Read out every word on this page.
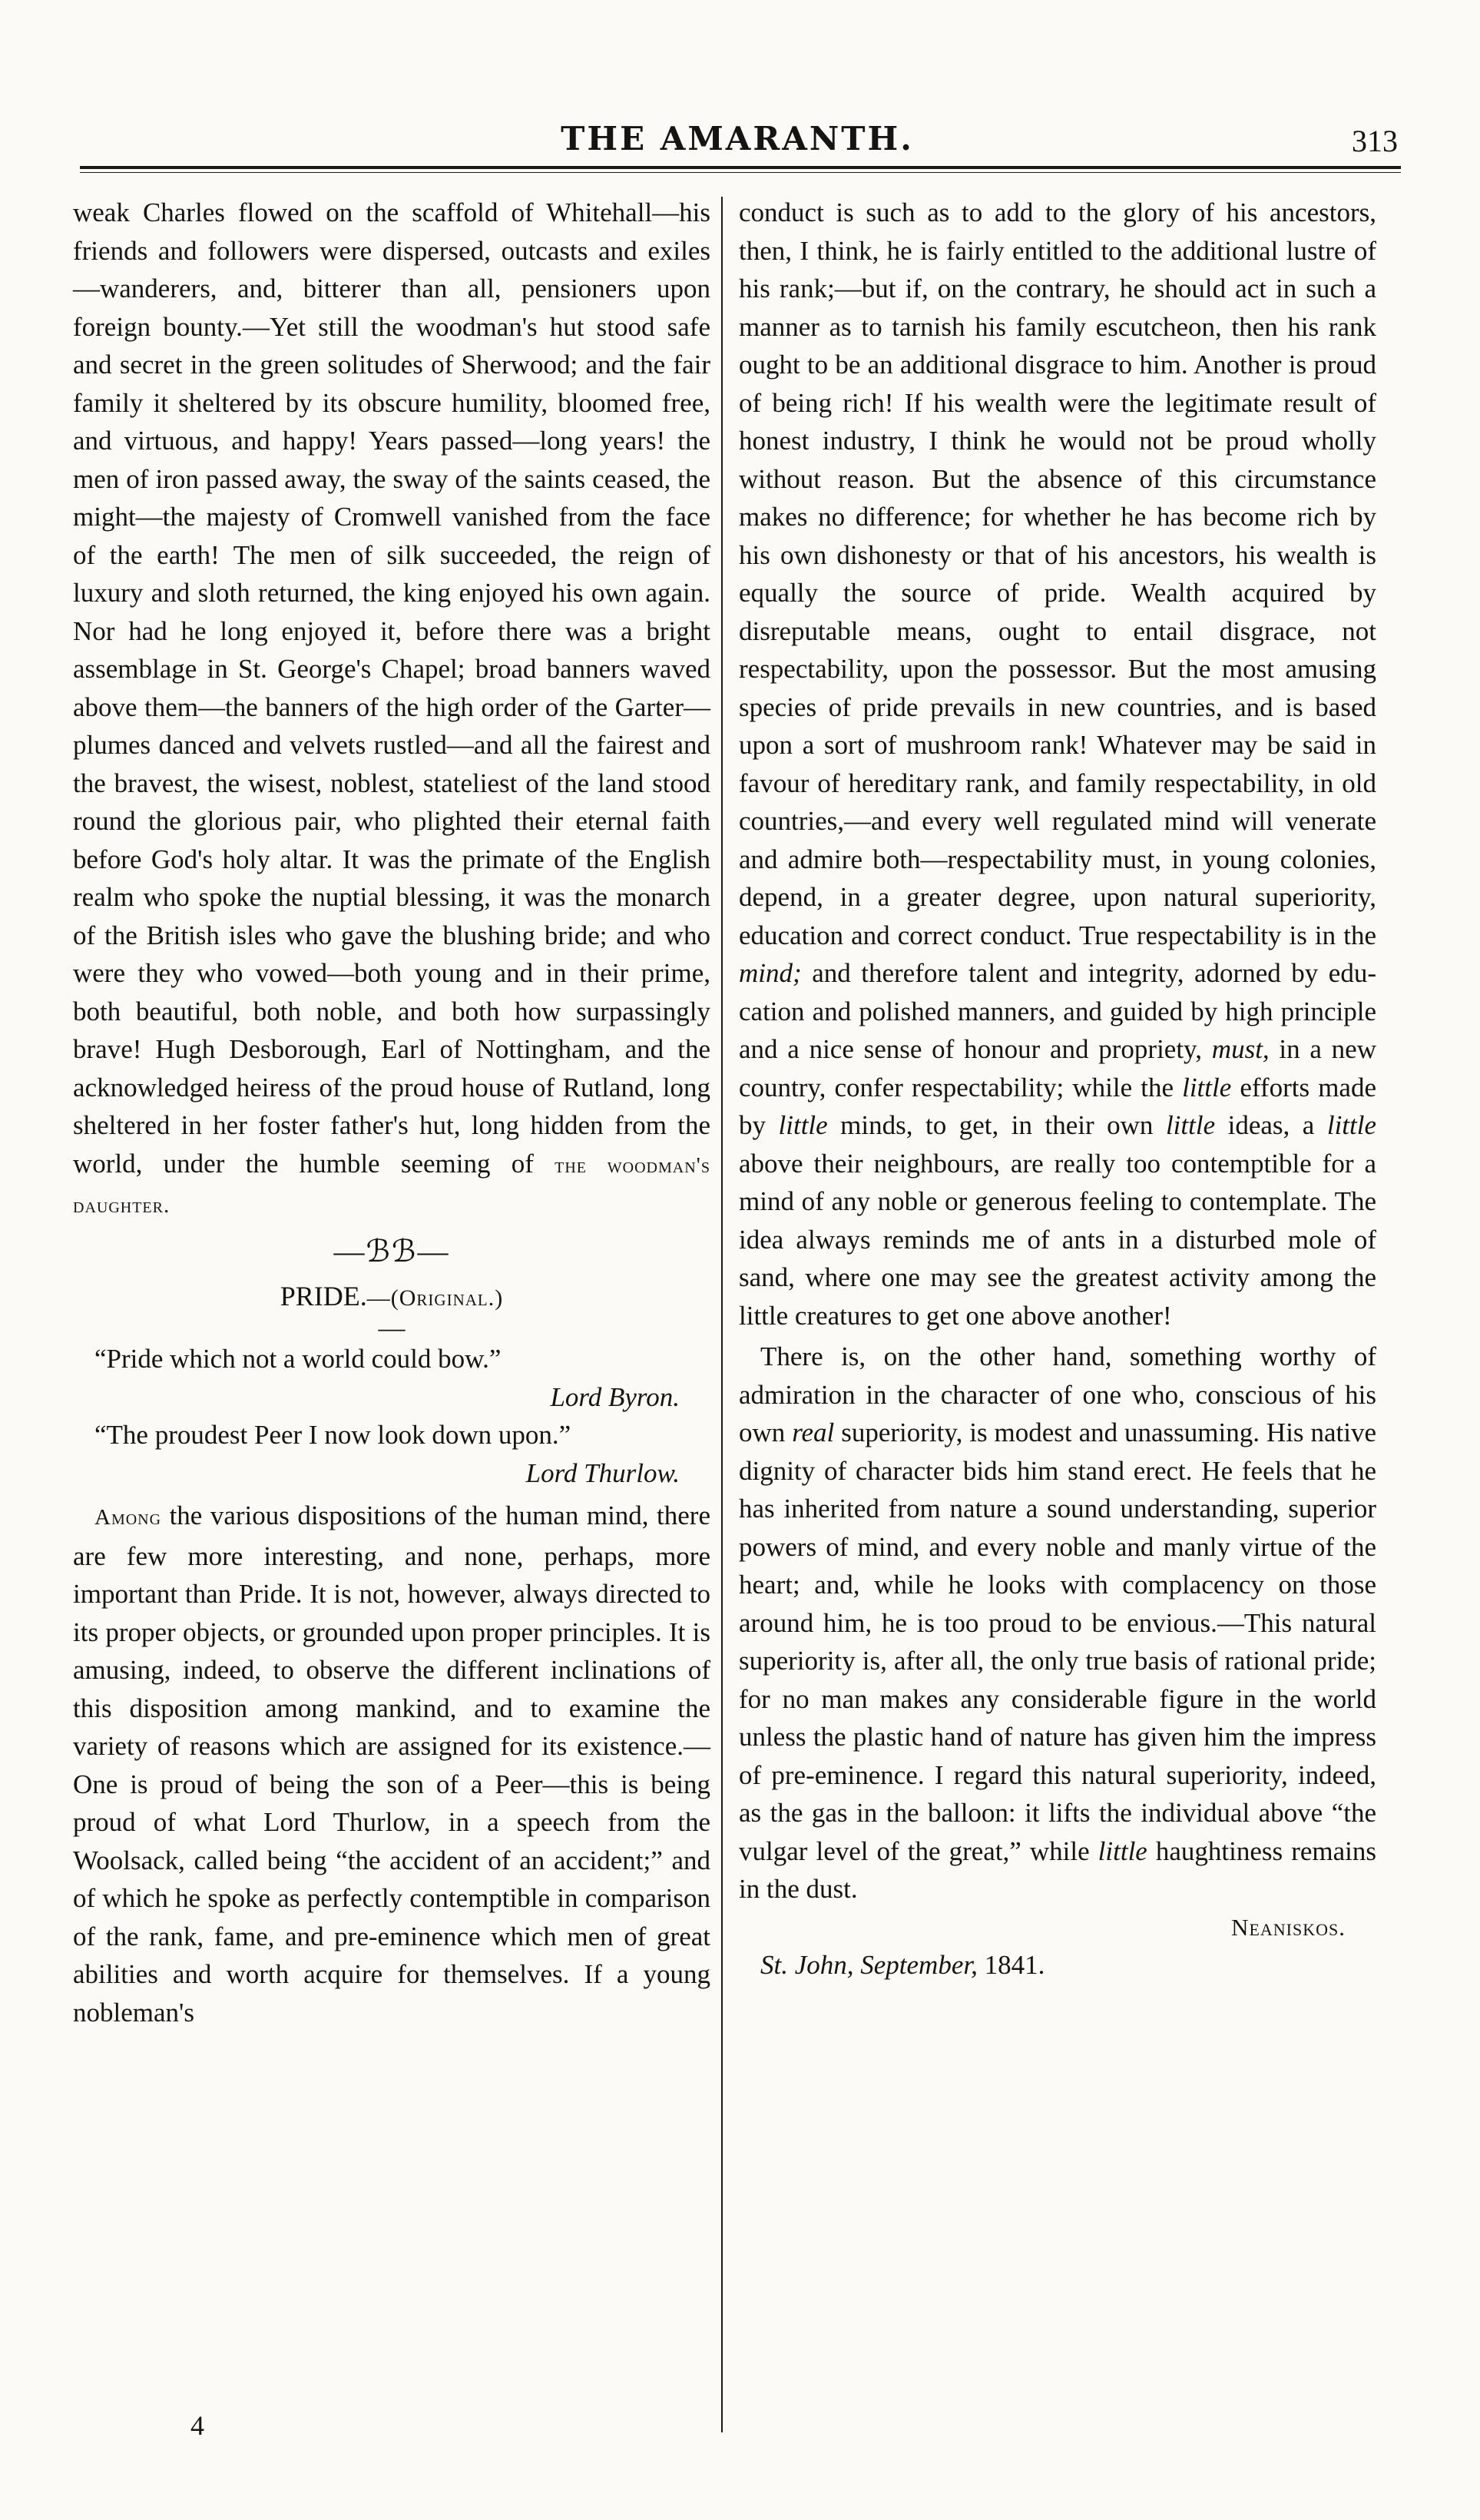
THE AMARANTH.	313

weak Charles flowed on the scaffold of Whitehall—his friends and followers were dispersed, outcasts and exiles—wanderers, and, bitterer than all, pensioners upon foreign bounty.—Yet still the woodman's hut stood safe and secret in the green solitudes of Sherwood; and the fair family it sheltered by its obscure humility, bloomed free, and virtuous, and happy! Years passed—long years! the men of iron passed away, the sway of the saints ceased, the might—the majesty of Cromwell vanished from the face of the earth! The men of silk succeeded, the reign of luxury and sloth returned, the king enjoyed his own again. Nor had he long enjoyed it, before there was a bright assemblage in St. George's Chapel; broad banners waved above them—the banners of the high order of the Garter—plumes danced and velvets rustled—and all the fairest and the bravest, the wisest, noblest, stateliest of the land stood round the glorious pair, who plighted their eternal faith before God's holy altar. It was the primate of the English realm who spoke the nuptial blessing, it was the monarch of the British isles who gave the blushing bride; and who were they who vowed—both young and in their prime, both beautiful, both noble, and both how surpassingly brave! Hugh Desborough, Earl of Nottingham, and the acknowledged heiress of the proud house of Rutland, long sheltered in her foster father's hut, long hidden from the world, under the humble seeming of the woodman's daughter.

—ℬℬ—
PRIDE.—(Original.)
—

“Pride which not a world could bow.”

Lord Byron.

“The proudest Peer I now look down upon.”

Lord Thurlow.

Among the various dispositions of the human mind, there are few more interesting, and none, perhaps, more important than Pride. It is not, however, always directed to its proper objects, or grounded upon proper principles. It is amusing, indeed, to observe the different inclinations of this disposition among mankind, and to examine the variety of reasons which are assigned for its existence.—One is proud of being the son of a Peer—this is being proud of what Lord Thurlow, in a speech from the Woolsack, called being “the accident of an accident;” and of which he spoke as perfectly contemptible in comparison of the rank, fame, and pre-eminence which men of great abilities and worth acquire for themselves. If a young nobleman's

conduct is such as to add to the glory of his ancestors, then, I think, he is fairly entitled to the additional lustre of his rank;—but if, on the contrary, he should act in such a manner as to tarnish his family escutcheon, then his rank ought to be an additional disgrace to him. Another is proud of being rich! If his wealth were the legitimate result of honest industry, I think he would not be proud wholly without reason. But the absence of this circumstance makes no difference; for whether he has become rich by his own dishonesty or that of his ancestors, his wealth is equally the source of pride. Wealth acquired by disreputable means, ought to entail disgrace, not respectability, upon the possessor. But the most amusing species of pride prevails in new countries, and is based upon a sort of mushroom rank! Whatever may be said in favour of hereditary rank, and family respectability, in old countries,—and every well regulated mind will venerate and admire both—respectability must, in young colonies, depend, in a greater degree, upon natural superiority, education and correct conduct. True respectability is in the mind; and therefore talent and integrity, adorned by education and polished manners, and guided by high principle and a nice sense of honour and propriety, must, in a new country, confer respectability; while the little efforts made by little minds, to get, in their own little ideas, a little above their neighbours, are really too contemptible for a mind of any noble or generous feeling to contemplate. The idea always reminds me of ants in a disturbed mole of sand, where one may see the greatest activity among the little creatures to get one above another!

There is, on the other hand, something worthy of admiration in the character of one who, conscious of his own real superiority, is modest and unassuming. His native dignity of character bids him stand erect. He feels that he has inherited from nature a sound understanding, superior powers of mind, and every noble and manly virtue of the heart; and, while he looks with complacency on those around him, he is too proud to be envious.—This natural superiority is, after all, the only true basis of rational pride; for no man makes any considerable figure in the world unless the plastic hand of nature has given him the impress of pre-eminence. I regard this natural superiority, indeed, as the gas in the balloon: it lifts the individual above “the vulgar level of the great,” while little haughtiness remains in the dust.

Neaniskos.

St. John, September, 1841.

4
